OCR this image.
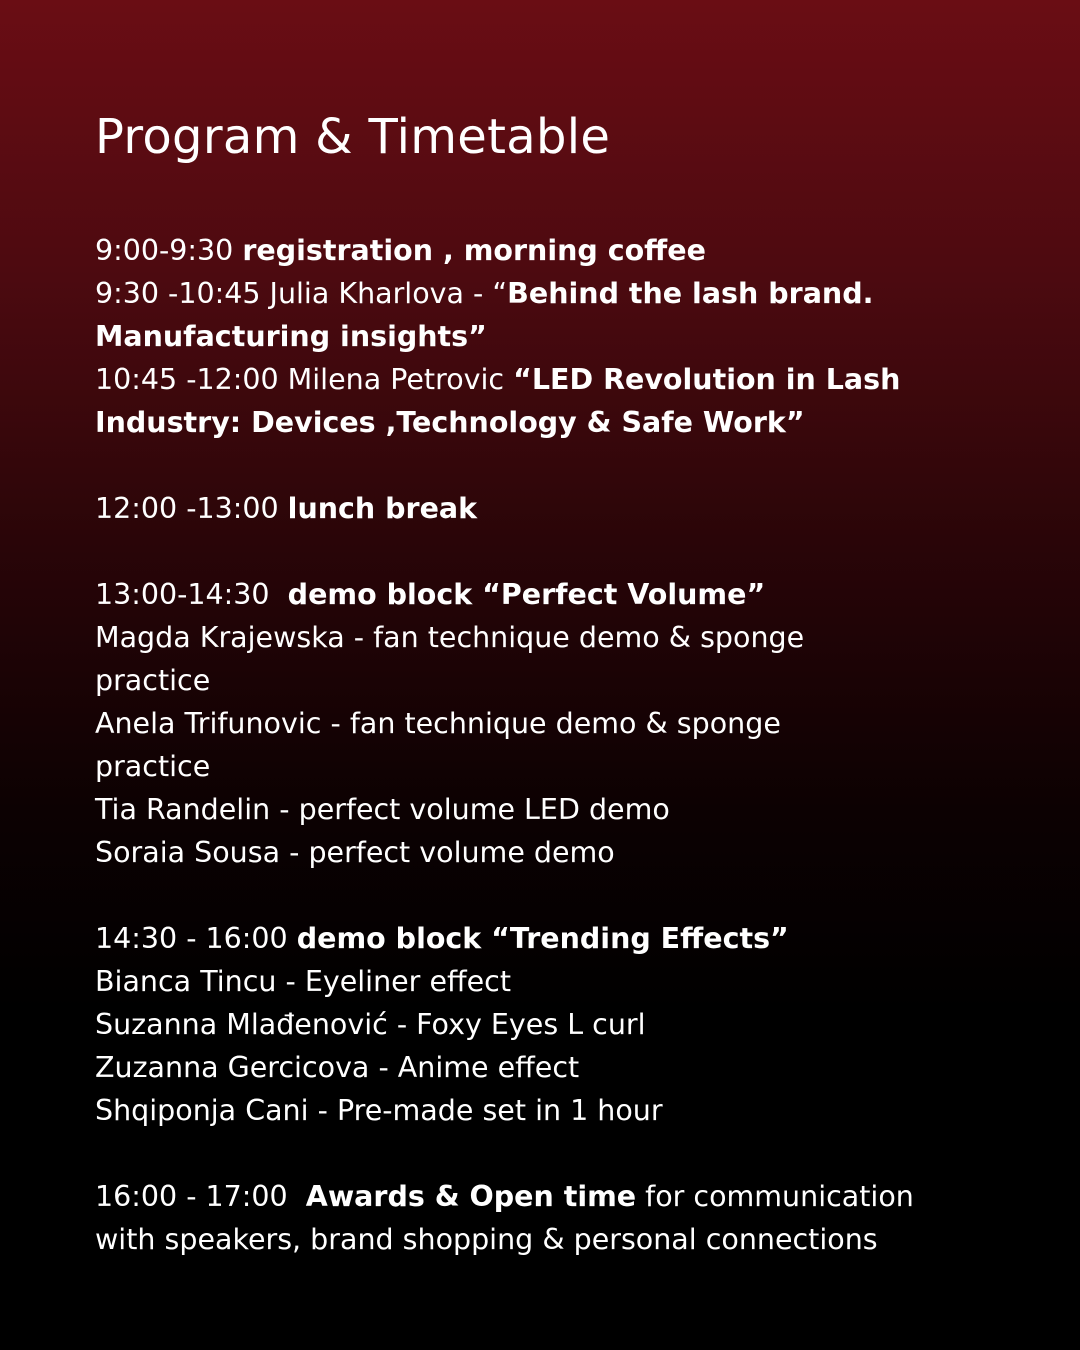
Program & Timetable
9:00-9:30 registration , morning coffee
9:30 -10:45 Julia Kharlova - “Behind the lash brand.
Manufacturing insights”
10:45 -12:00 Milena Petrovic “LED Revolution in Lash
Industry: Devices ,Technology & Safe Work”
12:00 -13:00 lunch break
13:00-14:30  demo block “Perfect Volume”
Magda Krajewska - fan technique demo & sponge
practice
Anela Trifunovic - fan technique demo & sponge
practice
Tia Randelin - perfect volume LED demo
Soraia Sousa - perfect volume demo
14:30 - 16:00 demo block “Trending Effects”
Bianca Tincu - Eyeliner effect
Suzanna Mlađenović - Foxy Eyes L curl
Zuzanna Gercicova - Anime effect
Shqiponja Cani - Pre-made set in 1 hour
16:00 - 17:00  Awards & Open time for communication
with speakers, brand shopping & personal connections
